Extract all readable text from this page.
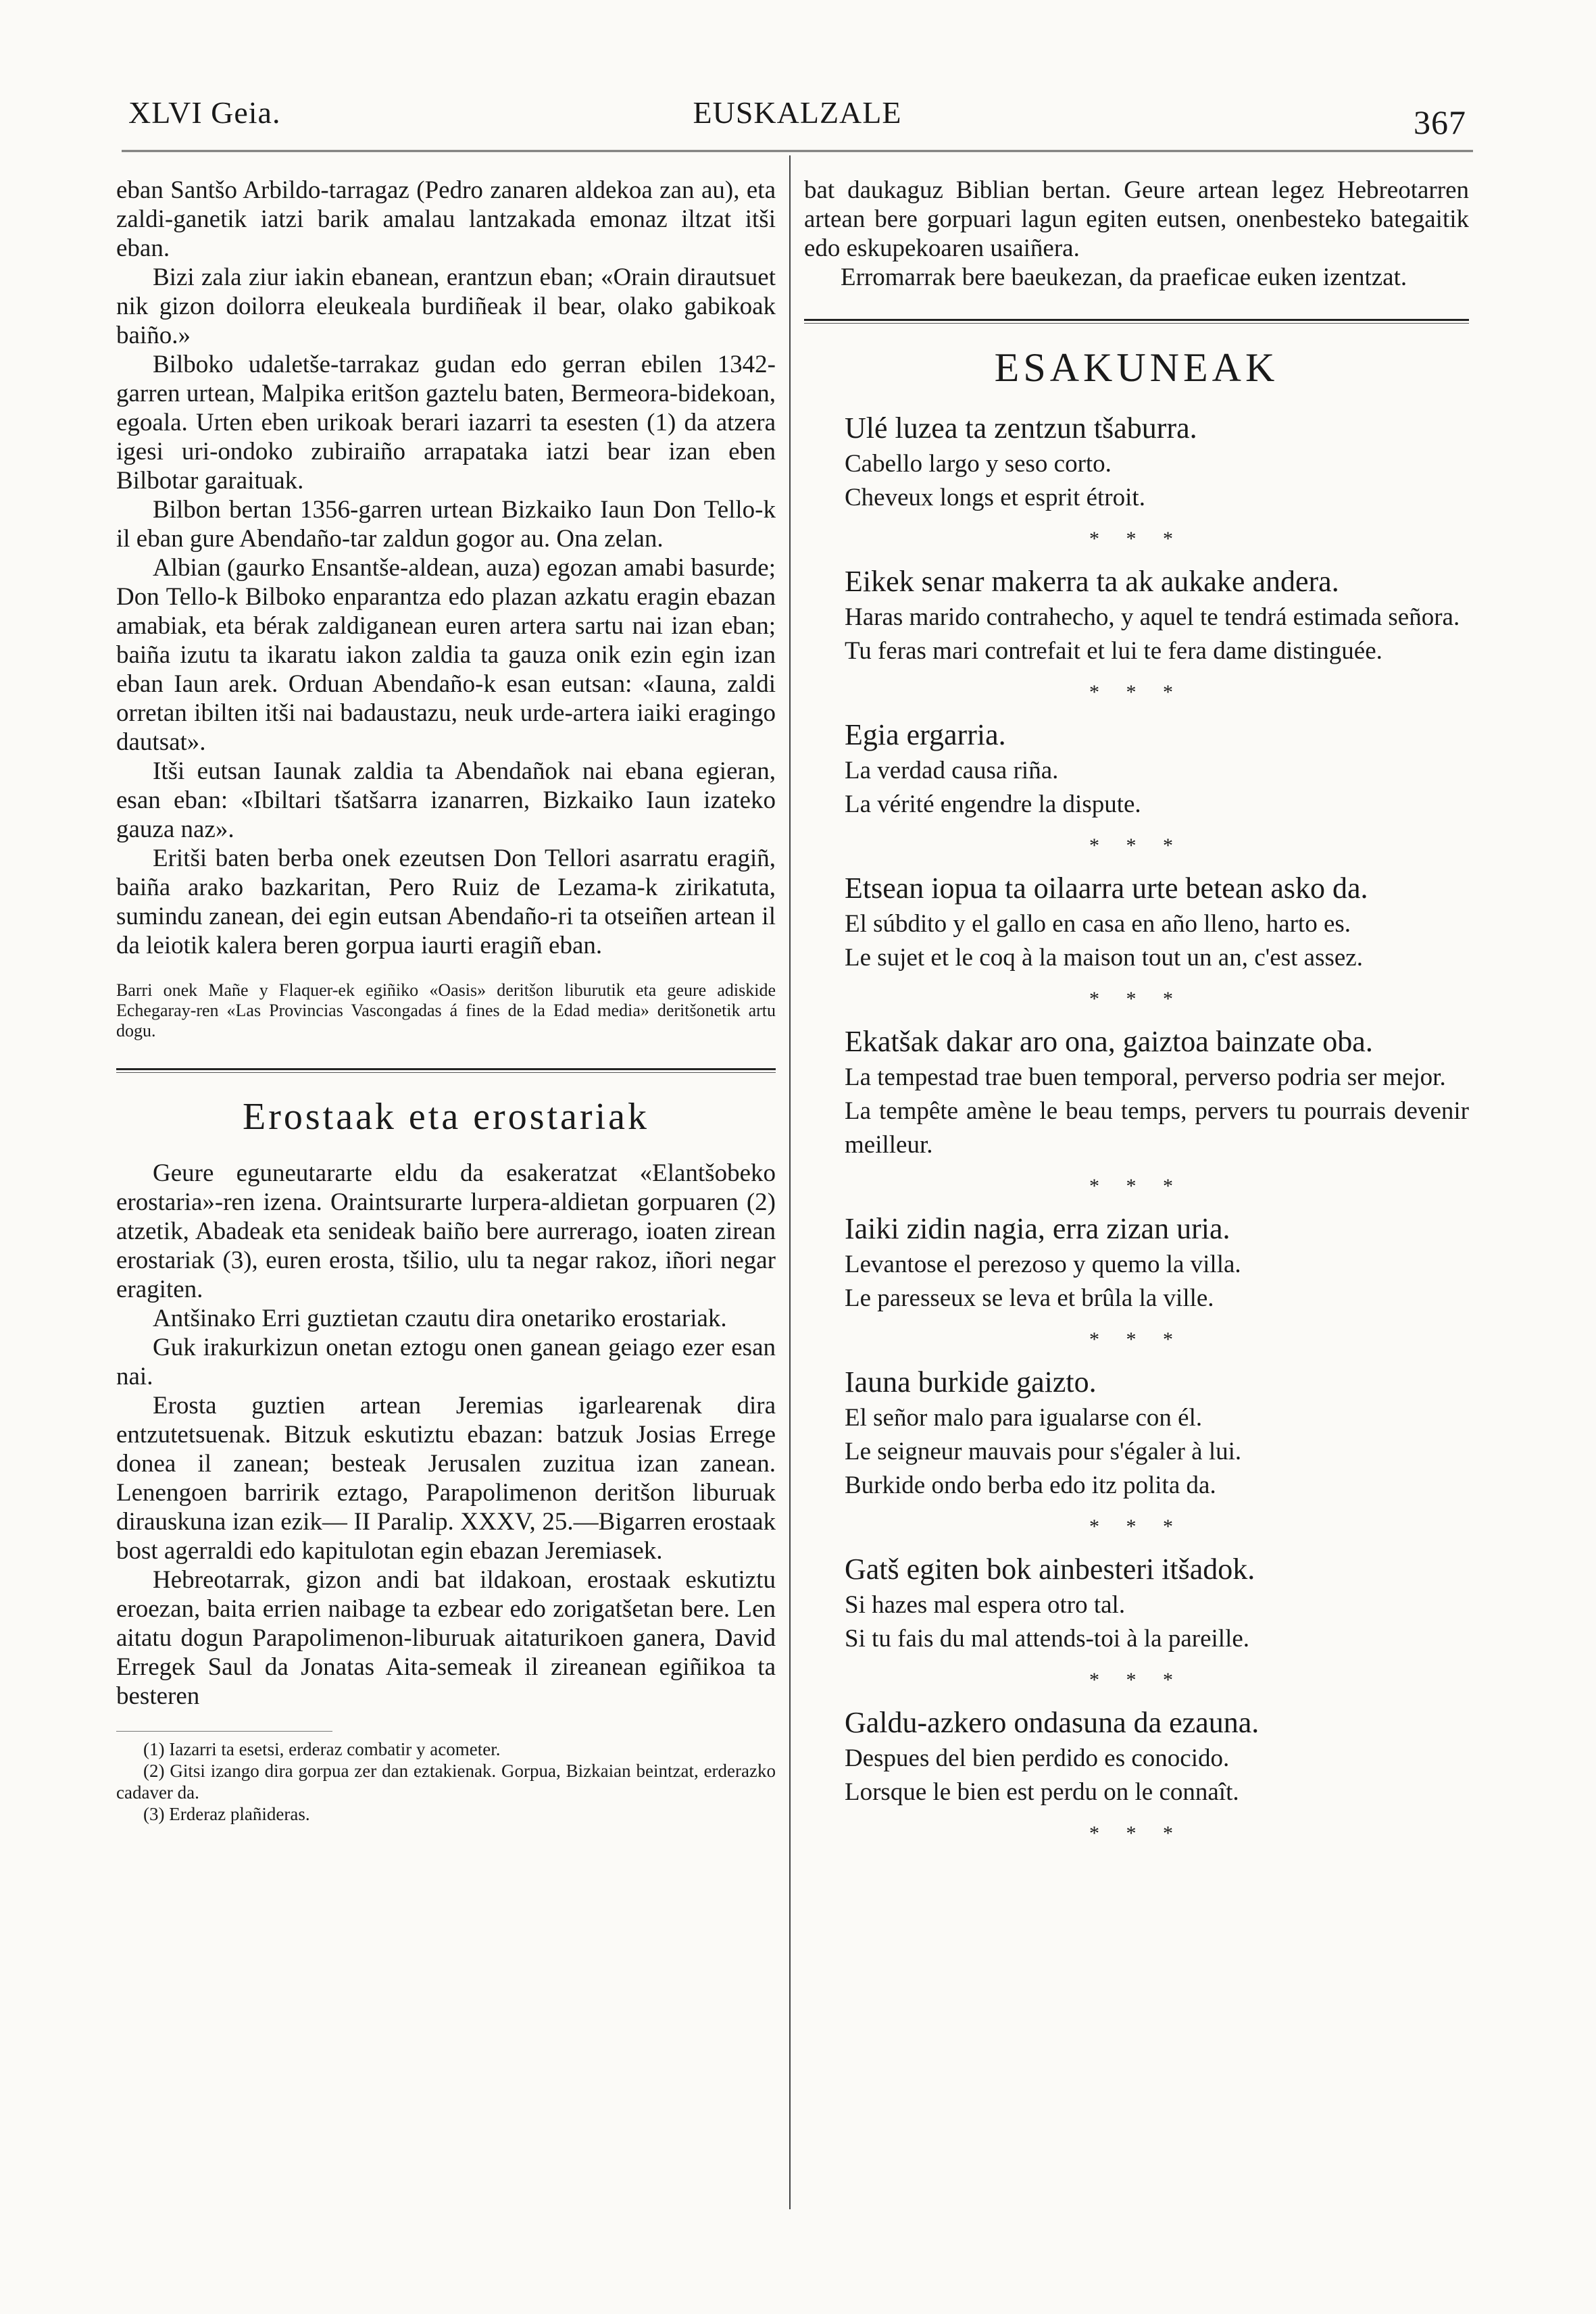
XLVI Geia.	EUSKALZALE	367

eban Santšo Arbildo-tarragaz (Pedro zanaren aldekoa zan au), eta zaldi-ganetik iatzi barik amalau lantzakada emonaz iltzat itši eban.

Bizi zala ziur iakin ebanean, erantzun eban; «Orain dirautsuet nik gizon doilorra eleukeala burdiñeak il bear, olako gabikoak baiño.»

Bilboko udaletše-tarrakaz gudan edo gerran ebilen 1342-garren urtean, Malpika eritšon gaztelu baten, Bermeora-bidekoan, egoala. Urten eben urikoak berari iazarri ta esesten (1) da atzera igesi uri-ondoko zubiraiño arrapataka iatzi bear izan eben Bilbotar garaituak.

Bilbon bertan 1356-garren urtean Bizkaiko Iaun Don Tello-k il eban gure Abendaño-tar zaldun gogor au. Ona zelan.

Albian (gaurko Ensantše-aldean, auza) egozan amabi basurde; Don Tello-k Bilboko enparantza edo plazan azkatu eragin ebazan amabiak, eta bérak zaldiganean euren artera sartu nai izan eban; baiña izutu ta ikaratu iakon zaldia ta gauza onik ezin egin izan eban Iaun arek. Orduan Abendaño-k esan eutsan: «Iauna, zaldi orretan ibilten itši nai badaustazu, neuk urde-artera iaiki eragingo dautsat».

Itši eutsan Iaunak zaldia ta Abendañok nai ebana egieran, esan eban: «Ibiltari tšatšarra izanarren, Bizkaiko Iaun izateko gauza naz».

Eritši baten berba onek ezeutsen Don Tellori asarratu eragiñ, baiña arako bazkaritan, Pero Ruiz de Lezama-k zirikatuta, sumindu zanean, dei egin eutsan Abendaño-ri ta otseiñen artean il da leiotik kalera beren gorpua iaurti eragiñ eban.

Barri onek Mañe y Flaquer-ek egiñiko «Oasis» deritšon liburutik eta geure adiskide Echegaray-ren «Las Provincias Vascongadas á fines de la Edad media» deritšonetik artu dogu.

Erostaak eta erostariak

Geure eguneutararte eldu da esakeratzat «Elantšobeko erostaria»-ren izena. Oraintsurarte lurpera-aldietan gorpuaren (2) atzetik, Abadeak eta senideak baiño bere aurrerago, ioaten zirean erostariak (3), euren erosta, tšilio, ulu ta negar rakoz, iñori negar eragiten.

Antšinako Erri guztietan czautu dira onetariko erostariak.

Guk irakurkizun onetan eztogu onen ganean geiago ezer esan nai.

Erosta guztien artean Jeremias igarlearenak dira entzutetsuenak. Bitzuk eskutiztu ebazan: batzuk Josias Errege donea il zanean; besteak Jerusalen zuzitua izan zanean. Lenengoen barririk eztago, Parapolimenon deritšon liburuak dirauskuna izan ezik— II Paralip. XXXV, 25.—Bigarren erostaak bost agerraldi edo kapitulotan egin ebazan Jeremiasek.

Hebreotarrak, gizon andi bat ildakoan, erostaak eskutiztu eroezan, baita errien naibage ta ezbear edo zorigatšetan bere. Len aitatu dogun Parapolimenon-liburuak aitaturikoen ganera, David Erregek Saul da Jonatas Aita-semeak il zireanean egiñikoa ta besteren

(1) Iazarri ta esetsi, erderaz combatir y acometer.
(2) Gitsi izango dira gorpua zer dan eztakienak. Gorpua, Bizkaian beintzat, erderazko cadaver da.
(3) Erderaz plañideras.

bat daukaguz Biblian bertan. Geure artean legez Hebreotarren artean bere gorpuari lagun egiten eutsen, onenbesteko bategaitik edo eskupekoaren usaiñera.

Erromarrak bere baeukezan, da praeficae euken izentzat.

ESAKUNEAK
Ulé luzea ta zentzun tšaburra.
Cabello largo y seso corto.
Cheveux longs et esprit étroit.
* * *
Eikek senar makerra ta ak aukake andera.
Haras marido contrahecho, y aquel te tendrá estimada señora.
Tu feras mari contrefait et lui te fera dame distinguée.
* * *
Egia ergarria.
La verdad causa riña.
La vérité engendre la dispute.
* * *
Etsean iopua ta oilaarra urte betean asko da.
El súbdito y el gallo en casa en año lleno, harto es.
Le sujet et le coq à la maison tout un an, c'est assez.
* * *
Ekatšak dakar aro ona, gaiztoa bainzate oba.
La tempestad trae buen temporal, perverso podria ser mejor.
La tempête amène le beau temps, pervers tu pourrais devenir meilleur.
* * *
Iaiki zidin nagia, erra zizan uria.
Levantose el perezoso y quemo la villa.
Le paresseux se leva et brûla la ville.
* * *
Iauna burkide gaizto.
El señor malo para igualarse con él.
Le seigneur mauvais pour s'égaler à lui.
Burkide ondo berba edo itz polita da.
* * *
Gatš egiten bok ainbesteri itšadok.
Si hazes mal espera otro tal.
Si tu fais du mal attends-toi à la pareille.
* * *
Galdu-azkero ondasuna da ezauna.
Despues del bien perdido es conocido.
Lorsque le bien est perdu on le connaît.
* * *
